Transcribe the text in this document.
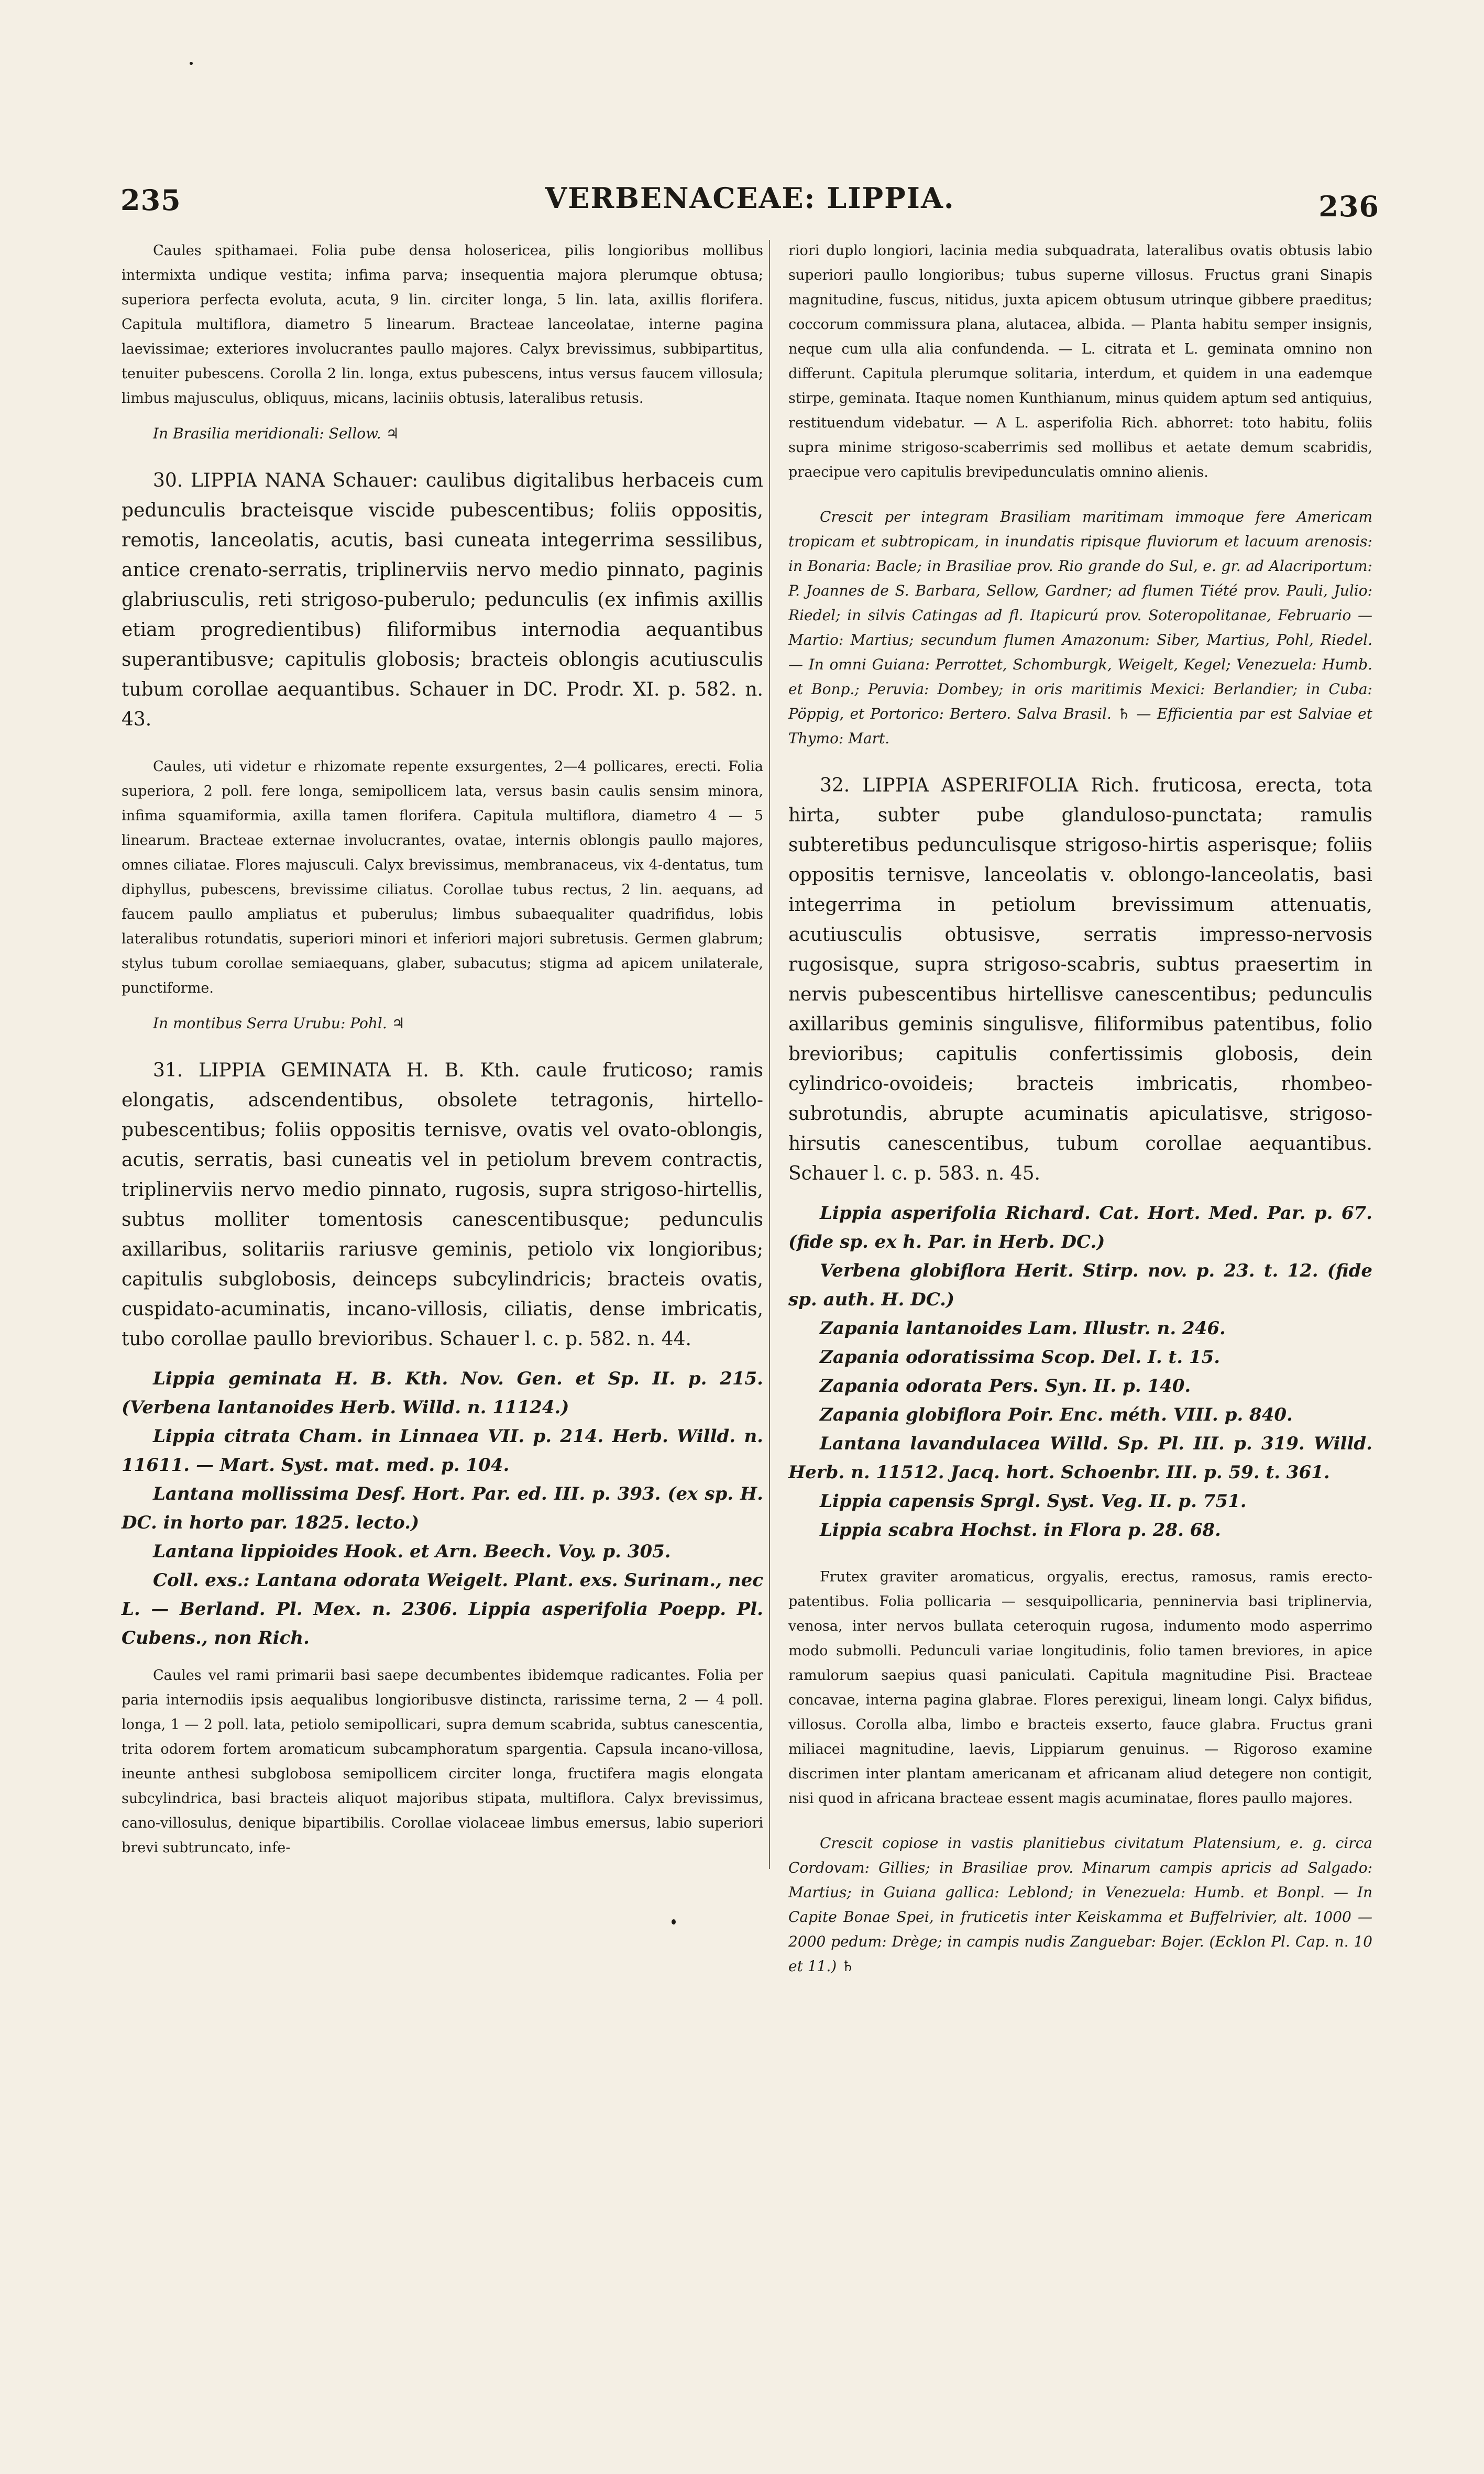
235	VERBENACEAE: LIPPIA.	236

Caules spithamaei. Folia pube densa holosericea, pilis longioribus mollibus intermixta undique vestita; infima parva; insequentia majora plerumque obtusa; superiora perfecta evoluta, acuta, 9 lin. circiter longa, 5 lin. lata, axillis florifera. Capitula multiflora, diametro 5 linearum. Bracteae lanceolatae, interne pagina laevissimae; exteriores involucrantes paullo majores. Calyx brevissimus, subbipartitus, tenuiter pubescens. Corolla 2 lin. longa, extus pubescens, intus versus faucem villosula; limbus majusculus, obliquus, micans, laciniis obtusis, lateralibus retusis.

In Brasilia meridionali: Sellow. ♃

30. LIPPIA NANA Schauer: caulibus digitalibus herbaceis cum pedunculis bracteisque viscide pubescentibus; foliis oppositis, remotis, lanceolatis, acutis, basi cuneata integerrima sessilibus, antice crenato-serratis, triplinerviis nervo medio pinnato, paginis glabriusculis, reti strigoso-puberulo; pedunculis (ex infimis axillis etiam progredientibus) filiformibus internodia aequantibus superantibusve; capitulis globosis; bracteis oblongis acutiusculis tubum corollae aequantibus. Schauer in DC. Prodr. XI. p. 582. n. 43.

Caules, uti videtur e rhizomate repente exsurgentes, 2—4 pollicares, erecti. Folia superiora, 2 poll. fere longa, semipollicem lata, versus basin caulis sensim minora, infima squamiformia, axilla tamen florifera. Capitula multiflora, diametro 4 — 5 linearum. Bracteae externae involucrantes, ovatae, internis oblongis paullo majores, omnes ciliatae. Flores majusculi. Calyx brevissimus, membranaceus, vix 4-dentatus, tum diphyllus, pubescens, brevissime ciliatus. Corollae tubus rectus, 2 lin. aequans, ad faucem paullo ampliatus et puberulus; limbus subaequaliter quadrifidus, lobis lateralibus rotundatis, superiori minori et inferiori majori subretusis. Germen glabrum; stylus tubum corollae semiaequans, glaber, subacutus; stigma ad apicem unilaterale, punctiforme.

In montibus Serra Urubu: Pohl. ♃

31. LIPPIA GEMINATA H. B. Kth. caule fruticoso; ramis elongatis, adscendentibus, obsolete tetragonis, hirtello-pubescentibus; foliis oppositis ternisve, ovatis vel ovato-oblongis, acutis, serratis, basi cuneatis vel in petiolum brevem contractis, triplinerviis nervo medio pinnato, rugosis, supra strigoso-hirtellis, subtus molliter tomentosis canescentibusque; pedunculis axillaribus, solitariis rariusve geminis, petiolo vix longioribus; capitulis subglobosis, deinceps subcylindricis; bracteis ovatis, cuspidato-acuminatis, incano-villosis, ciliatis, dense imbricatis, tubo corollae paullo brevioribus. Schauer l. c. p. 582. n. 44.

Lippia geminata H. B. Kth. Nov. Gen. et Sp. II. p. 215. (Verbena lantanoides Herb. Willd. n. 11124.)

Lippia citrata Cham. in Linnaea VII. p. 214. Herb. Willd. n. 11611. — Mart. Syst. mat. med. p. 104.

Lantana mollissima Desf. Hort. Par. ed. III. p. 393. (ex sp. H. DC. in horto par. 1825. lecto.)

Lantana lippioides Hook. et Arn. Beech. Voy. p. 305.

Coll. exs.: Lantana odorata Weigelt. Plant. exs. Surinam., nec L. — Berland. Pl. Mex. n. 2306. Lippia asperifolia Poepp. Pl. Cubens., non Rich.

Caules vel rami primarii basi saepe decumbentes ibidemque radicantes. Folia per paria internodiis ipsis aequalibus longioribusve distincta, rarissime terna, 2 — 4 poll. longa, 1 — 2 poll. lata, petiolo semipollicari, supra demum scabrida, subtus canescentia, trita odorem fortem aromaticum subcamphoratum spargentia. Capsula incano-villosa, ineunte anthesi subglobosa semipollicem circiter longa, fructifera magis elongata subcylindrica, basi bracteis aliquot majoribus stipata, multiflora. Calyx brevissimus, cano-villosulus, denique bipartibilis. Corollae violaceae limbus emersus, labio superiori brevi subtruncato, infe-

riori duplo longiori, lacinia media subquadrata, lateralibus ovatis obtusis labio superiori paullo longioribus; tubus superne villosus. Fructus grani Sinapis magnitudine, fuscus, nitidus, juxta apicem obtusum utrinque gibbere praeditus; coccorum commissura plana, alutacea, albida. — Planta habitu semper insignis, neque cum ulla alia confundenda. — L. citrata et L. geminata omnino non differunt. Capitula plerumque solitaria, interdum, et quidem in una eademque stirpe, geminata. Itaque nomen Kunthianum, minus quidem aptum sed antiquius, restituendum videbatur. — A L. asperifolia Rich. abhorret: toto habitu, foliis supra minime strigoso-scaberrimis sed mollibus et aetate demum scabridis, praecipue vero capitulis brevipedunculatis omnino alienis.

Crescit per integram Brasiliam maritimam immoque fere Americam tropicam et subtropicam, in inundatis ripisque fluviorum et lacuum arenosis: in Bonaria: Bacle; in Brasiliae prov. Rio grande do Sul, e. gr. ad Alacriportum: P. Joannes de S. Barbara, Sellow, Gardner; ad flumen Tiété prov. Pauli, Julio: Riedel; in silvis Catingas ad fl. Itapicurú prov. Soteropolitanae, Februario — Martio: Martius; secundum flumen Amazonum: Siber, Martius, Pohl, Riedel. — In omni Guiana: Perrottet, Schomburgk, Weigelt, Kegel; Venezuela: Humb. et Bonp.; Peruvia: Dombey; in oris maritimis Mexici: Berlandier; in Cuba: Pöppig, et Portorico: Bertero. Salva Brasil. ♄ — Efficientia par est Salviae et Thymo: Mart.

32. LIPPIA ASPERIFOLIA Rich. fruticosa, erecta, tota hirta, subter pube glanduloso-punctata; ramulis subteretibus pedunculisque strigoso-hirtis asperisque; foliis oppositis ternisve, lanceolatis v. oblongo-lanceolatis, basi integerrima in petiolum brevissimum attenuatis, acutiusculis obtusisve, serratis impresso-nervosis rugosisque, supra strigoso-scabris, subtus praesertim in nervis pubescentibus hirtellisve canescentibus; pedunculis axillaribus geminis singulisve, filiformibus patentibus, folio brevioribus; capitulis confertissimis globosis, dein cylindrico-ovoideis; bracteis imbricatis, rhombeo-subrotundis, abrupte acuminatis apiculatisve, strigoso-hirsutis canescentibus, tubum corollae aequantibus. Schauer l. c. p. 583. n. 45.

Lippia asperifolia Richard. Cat. Hort. Med. Par. p. 67. (fide sp. ex h. Par. in Herb. DC.)

Verbena globiflora Herit. Stirp. nov. p. 23. t. 12. (fide sp. auth. H. DC.)

Zapania lantanoides Lam. Illustr. n. 246.

Zapania odoratissima Scop. Del. I. t. 15.

Zapania odorata Pers. Syn. II. p. 140.

Zapania globiflora Poir. Enc. méth. VIII. p. 840.

Lantana lavandulacea Willd. Sp. Pl. III. p. 319. Willd. Herb. n. 11512. Jacq. hort. Schoenbr. III. p. 59. t. 361.

Lippia capensis Sprgl. Syst. Veg. II. p. 751.

Lippia scabra Hochst. in Flora p. 28. 68.

Frutex graviter aromaticus, orgyalis, erectus, ramosus, ramis erecto-patentibus. Folia pollicaria — sesquipollicaria, penninervia basi triplinervia, venosa, inter nervos bullata ceteroquin rugosa, indumento modo asperrimo modo submolli. Pedunculi variae longitudinis, folio tamen breviores, in apice ramulorum saepius quasi paniculati. Capitula magnitudine Pisi. Bracteae concavae, interna pagina glabrae. Flores perexigui, lineam longi. Calyx bifidus, villosus. Corolla alba, limbo e bracteis exserto, fauce glabra. Fructus grani miliacei magnitudine, laevis, Lippiarum genuinus. — Rigoroso examine discrimen inter plantam americanam et africanam aliud detegere non contigit, nisi quod in africana bracteae essent magis acuminatae, flores paullo majores.

Crescit copiose in vastis planitiebus civitatum Platensium, e. g. circa Cordovam: Gillies; in Brasiliae prov. Minarum campis apricis ad Salgado: Martius; in Guiana gallica: Leblond; in Venezuela: Humb. et Bonpl. — In Capite Bonae Spei, in fruticetis inter Keiskamma et Buffelrivier, alt. 1000 — 2000 pedum: Drège; in campis nudis Zanguebar: Bojer. (Ecklon Pl. Cap. n. 10 et 11.) ♄
